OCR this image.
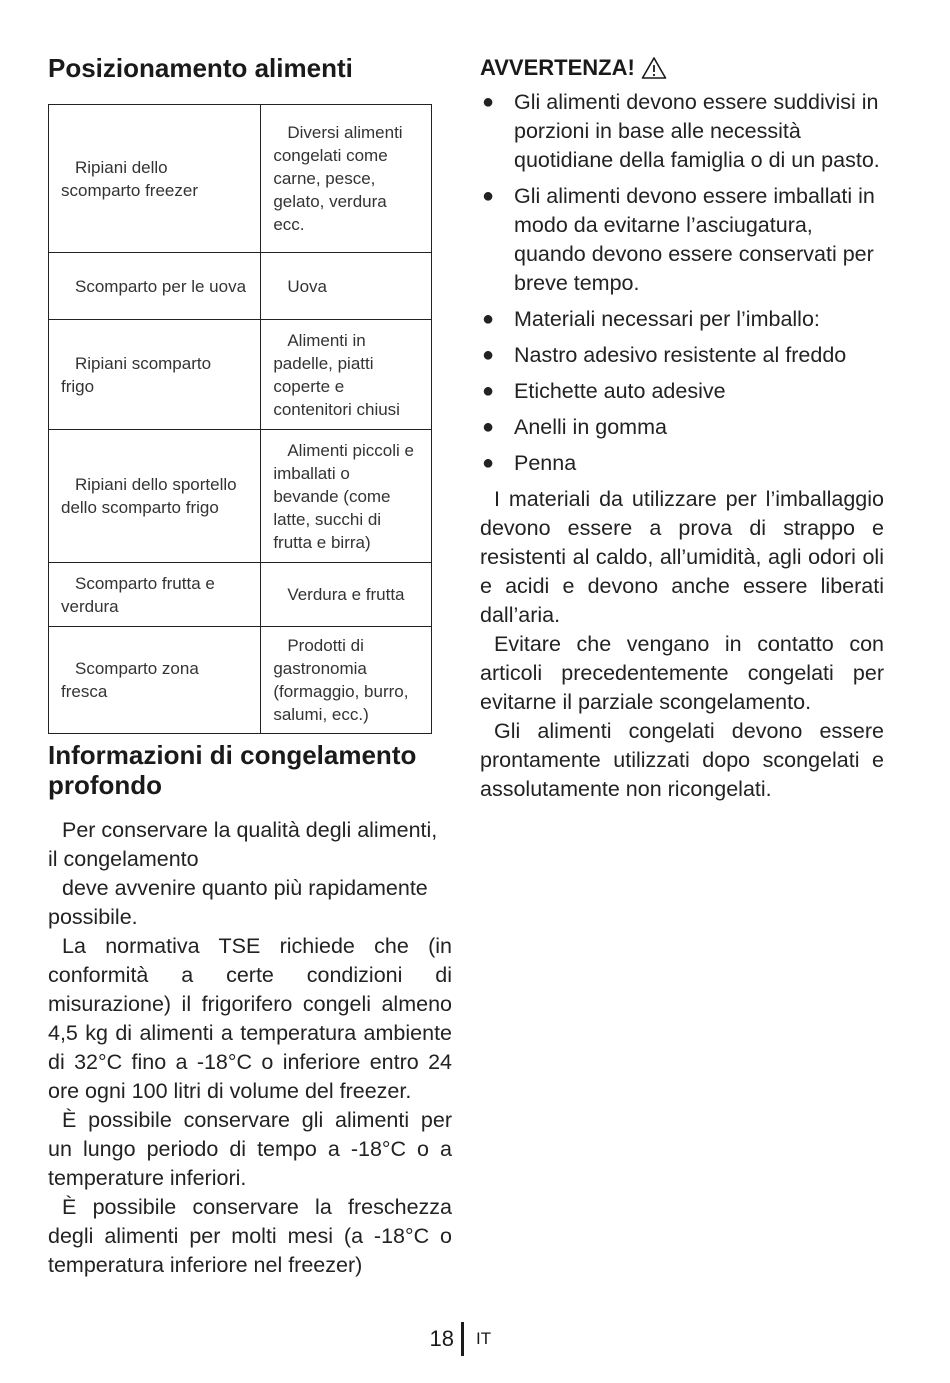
Posizionamento alimenti
Ripiani dello scomparto freezer	Diversi alimenti congelati come carne, pesce, gelato, verdura ecc.
Scomparto per le uova	Uova
Ripiani scomparto frigo	Alimenti in padelle, piatti coperte e contenitori chiusi
Ripiani dello sportello dello scomparto frigo	Alimenti piccoli e imballati o bevande (come latte, succhi di frutta e birra)
Scomparto frutta e verdura	Verdura e frutta
Scomparto zona fresca	Prodotti di gastronomia (formaggio, burro, salumi, ecc.)
Informazioni di congelamento profondo

Per conservare la qualità degli alimenti, il congelamento

deve avvenire quanto più rapidamente possibile.

La normativa TSE richiede che (in conformità a certe condizioni di misurazione) il frigorifero congeli almeno 4,5 kg di alimenti a temperatura ambiente di 32°C fino a -18°C o inferiore entro 24 ore ogni 100 litri di volume del freezer.

È possibile conservare gli alimenti per un lungo periodo di tempo a -18°C o a temperature inferiori.

È possibile conservare la freschezza degli alimenti per molti mesi (a -18°C o temperatura inferiore nel freezer)

AVVERTENZA!
● Gli alimenti devono essere suddivisi in porzioni in base alle necessità quotidiane della famiglia o di un pasto.
● Gli alimenti devono essere imballati in modo da evitarne l’asciugatura, quando devono essere conservati per breve tempo.
● Materiali necessari per l’imballo:
● Nastro adesivo resistente al freddo
● Etichette auto adesive
● Anelli in gomma
● Penna

I materiali da utilizzare per l’imballaggio devono essere a prova di strappo e resistenti al caldo, all’umidità, agli odori oli e acidi e devono anche essere liberati dall’aria.

Evitare che vengano in contatto con articoli precedentemente congelati per evitarne il parziale scongelamento.

Gli alimenti congelati devono essere prontamente utilizzati dopo scongelati e assolutamente non ricongelati.

18 IT
